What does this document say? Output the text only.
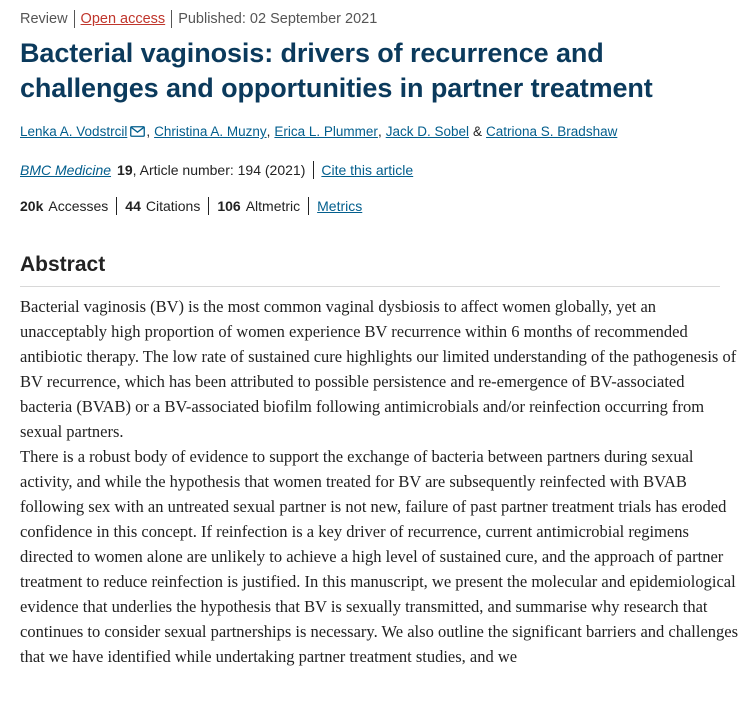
Review Open access Published: 02 September 2021
Bacterial vaginosis: drivers of recurrence and challenges and opportunities in partner treatment
Lenka A. Vodstrcil , Christina A. Muzny , Erica L. Plummer , Jack D. Sobel & Catriona S. Bradshaw
BMC Medicine 19 , Article number: 194 (2021) Cite this article
20k Accesses 44 Citations 106 Altmetric Metrics
Abstract

Bacterial vaginosis (BV) is the most common vaginal dysbiosis to affect women globally, yet an unacceptably high proportion of women experience BV recurrence within 6 months of recommended antibiotic therapy. The low rate of sustained cure highlights our limited understanding of the pathogenesis of BV recurrence, which has been attributed to possible persistence and re-emergence of BV-associated bacteria (BVAB) or a BV-associated biofilm following antimicrobials and/or reinfection occurring from sexual partners.

There is a robust body of evidence to support the exchange of bacteria between partners during sexual activity, and while the hypothesis that women treated for BV are subsequently reinfected with BVAB following sex with an untreated sexual partner is not new, failure of past partner treatment trials has eroded confidence in this concept. If reinfection is a key driver of recurrence, current antimicrobial regimens directed to women alone are unlikely to achieve a high level of sustained cure, and the approach of partner treatment to reduce reinfection is justified. In this manuscript, we present the molecular and epidemiological evidence that underlies the hypothesis that BV is sexually transmitted, and summarise why research that continues to consider sexual partnerships is necessary. We also outline the significant barriers and challenges that we have identified while undertaking partner treatment studies, and we
